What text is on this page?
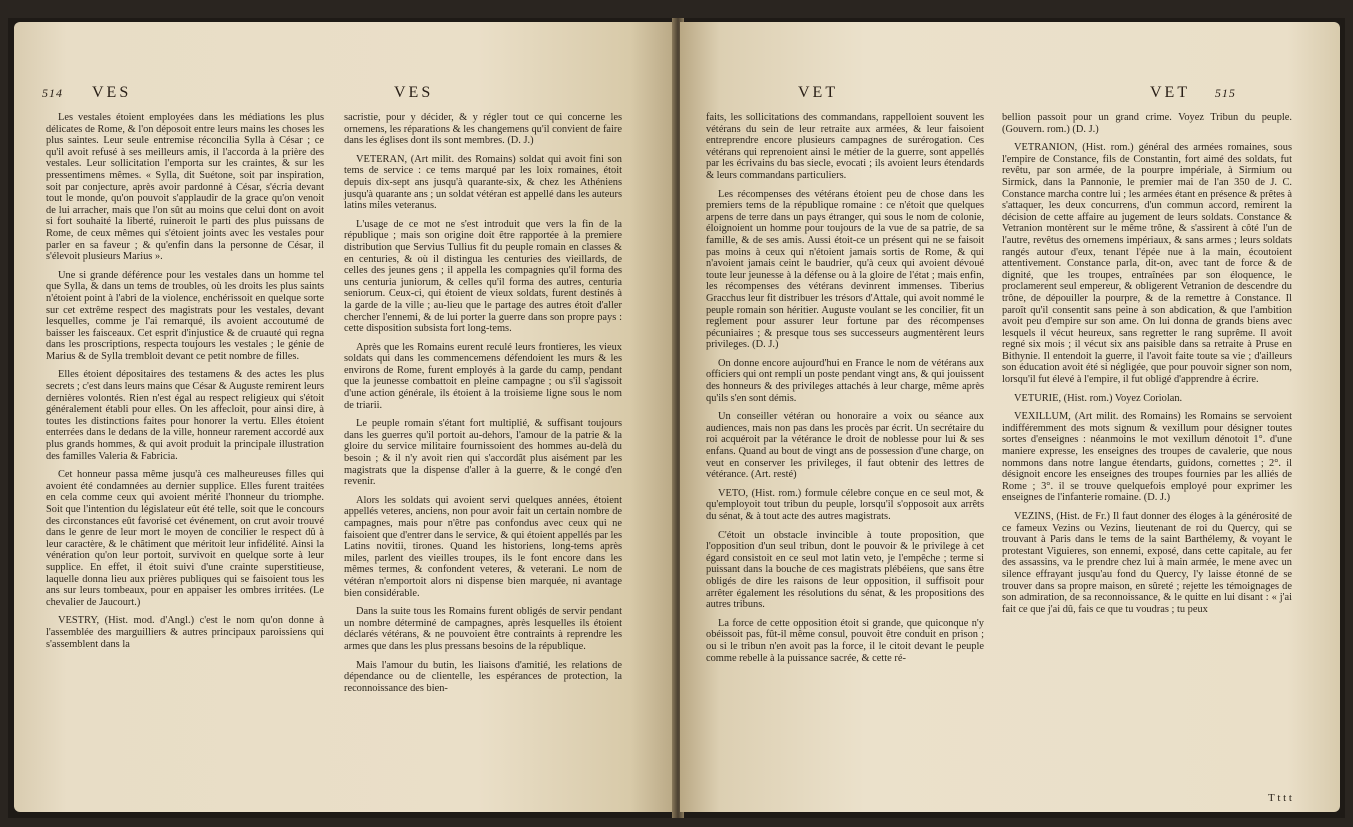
514 VES	VES

Les vestales étoient employées dans les médiations les plus délicates de Rome, & l'on déposoit entre leurs mains les choses les plus saintes. Leur seule entremise réconcilia Sylla à César ; ce qu'il avoit refusé à ses meilleurs amis, il l'accorda à la prière des vestales. Leur sollicitation l'emporta sur les craintes, & sur les pressentimens mêmes. « Sylla, dit Suétone, soit par inspiration, soit par conjecture, après avoir pardonné à César, s'écria devant tout le monde, qu'on pouvoit s'applaudir de la grace qu'on venoit de lui arracher, mais que l'on sût au moins que celui dont on avoit si fort souhaité la liberté, ruineroit le parti des plus puissans de Rome, de ceux mêmes qui s'étoient joints avec les vestales pour parler en sa faveur ; & qu'enfin dans la personne de César, il s'élevoit plusieurs Marius ».

Une si grande déférence pour les vestales dans un homme tel que Sylla, & dans un tems de troubles, où les droits les plus saints n'étoient point à l'abri de la violence, enchérissoit en quelque sorte sur cet extrême respect des magistrats pour les vestales, devant lesquelles, comme je l'ai remarqué, ils avoient accoutumé de baisser les faisceaux. Cet esprit d'injustice & de cruauté qui regna dans les proscriptions, respecta toujours les vestales ; le génie de Marius & de Sylla trembloit devant ce petit nombre de filles.

Elles étoient dépositaires des testamens & des actes les plus secrets ; c'est dans leurs mains que César & Auguste remirent leurs dernières volontés. Rien n'est égal au respect religieux qui s'étoit généralement établi pour elles. On les affecloit, pour ainsi dire, à toutes les distinctions faites pour honorer la vertu. Elles étoient enterrées dans le dedans de la ville, honneur rarement accordé aux plus grands hommes, & qui avoit produit la principale illustration des familles Valeria & Fabricia.

Cet honneur passa même jusqu'à ces malheureuses filles qui avoient été condamnées au dernier supplice. Elles furent traitées en cela comme ceux qui avoient mérité l'honneur du triomphe. Soit que l'intention du législateur eût été telle, soit que le concours des circonstances eût favorisé cet événement, on crut avoir trouvé dans le genre de leur mort le moyen de concilier le respect dû à leur caractère, & le châtiment que méritoit leur infidélité. Ainsi la vénération qu'on leur portoit, survivoit en quelque sorte à leur supplice. En effet, il étoit suivi d'une crainte superstitieuse, laquelle donna lieu aux prières publiques qui se faisoient tous les ans sur leurs tombeaux, pour en appaiser les ombres irritées. (Le chevalier de Jaucourt.)

VESTRY, (Hist. mod. d'Angl.) c'est le nom qu'on donne à l'assemblée des marguilliers & autres principaux paroissiens qui s'assemblent dans la

sacristie, pour y décider, & y régler tout ce qui concerne les ornemens, les réparations & les changemens qu'il convient de faire dans les églises dont ils sont membres. (D. J.)

VETERAN, (Art milit. des Romains) soldat qui avoit fini son tems de service : ce tems marqué par les loix romaines, étoit depuis dix-sept ans jusqu'à quarante-six, & chez les Athéniens jusqu'à quarante ans ; un soldat vétéran est appellé dans les auteurs latins miles veteranus.

L'usage de ce mot ne s'est introduit que vers la fin de la république ; mais son origine doit être rapportée à la premiere distribution que Servius Tullius fit du peuple romain en classes & en centuries, & où il distingua les centuries des vieillards, de celles des jeunes gens ; il appella les compagnies qu'il forma des uns centuria juniorum, & celles qu'il forma des autres, centuria seniorum. Ceux-ci, qui étoient de vieux soldats, furent destinés à la garde de la ville ; au-lieu que le partage des autres étoit d'aller chercher l'ennemi, & de lui porter la guerre dans son propre pays : cette disposition subsista fort long-tems.

Après que les Romains eurent reculé leurs frontieres, les vieux soldats qui dans les commencemens défendoient les murs & les environs de Rome, furent employés à la garde du camp, pendant que la jeunesse combattoit en pleine campagne ; ou s'il s'agissoit d'une action générale, ils étoient à la troisieme ligne sous le nom de triarii.

Le peuple romain s'étant fort multiplié, & suffisant toujours dans les guerres qu'il portoit au-dehors, l'amour de la patrie & la gloire du service militaire fournissoient des hommes au-delà du besoin ; & il n'y avoit rien qui s'accordât plus aisément par les magistrats que la dispense d'aller à la guerre, & le congé d'en revenir.

Alors les soldats qui avoient servi quelques années, étoient appellés veteres, anciens, non pour avoir fait un certain nombre de campagnes, mais pour n'être pas confondus avec ceux qui ne faisoient que d'entrer dans le service, & qui étoient appellés par les Latins novitii, tirones. Quand les historiens, long-tems après miles, parlent des vieilles troupes, ils le font encore dans les mêmes termes, & confondent veteres, & veterani. Le nom de vétéran n'emportoit alors ni dispense bien marquée, ni avantage bien considérable.

Dans la suite tous les Romains furent obligés de servir pendant un nombre déterminé de campagnes, après lesquelles ils étoient déclarés vétérans, & ne pouvoient être contraints à reprendre les armes que dans les plus pressans besoins de la république.

Mais l'amour du butin, les liaisons d'amitié, les relations de dépendance ou de clientelle, les espérances de protection, la reconnoissance des bien-

VET	VET 515

faits, les sollicitations des commandans, rappelloient souvent les vétérans du sein de leur retraite aux armées, & leur faisoient entreprendre encore plusieurs campagnes de surérogation. Ces vétérans qui reprenoient ainsi le métier de la guerre, sont appellés par les écrivains du bas siecle, evocati ; ils avoient leurs étendards & leurs commandans particuliers.

Les récompenses des vétérans étoient peu de chose dans les premiers tems de la république romaine : ce n'étoit que quelques arpens de terre dans un pays étranger, qui sous le nom de colonie, éloignoient un homme pour toujours de la vue de sa patrie, de sa famille, & de ses amis. Aussi étoit-ce un présent qui ne se faisoit pas moins à ceux qui n'étoient jamais sortis de Rome, & qui n'avoient jamais ceint le baudrier, qu'à ceux qui avoient dévoué toute leur jeunesse à la défense ou à la gloire de l'état ; mais enfin, les récompenses des vétérans devinrent immenses. Tiberius Gracchus leur fit distribuer les trésors d'Attale, qui avoit nommé le peuple romain son héritier. Auguste voulant se les concilier, fit un reglement pour assurer leur fortune par des récompenses pécuniaires ; & presque tous ses successeurs augmentèrent leurs privileges. (D. J.)

On donne encore aujourd'hui en France le nom de vétérans aux officiers qui ont rempli un poste pendant vingt ans, & qui jouissent des honneurs & des privileges attachés à leur charge, même après qu'ils s'en sont démis.

Un conseiller vétéran ou honoraire a voix ou séance aux audiences, mais non pas dans les procès par écrit. Un secrétaire du roi acquéroit par la vétérance le droit de noblesse pour lui & ses enfans. Quand au bout de vingt ans de possession d'une charge, on veut en conserver les privileges, il faut obtenir des lettres de vétérance. (Art. resté)

VETO, (Hist. rom.) formule célebre conçue en ce seul mot, & qu'employoit tout tribun du peuple, lorsqu'il s'opposoit aux arrêts du sénat, & à tout acte des autres magistrats.

C'étoit un obstacle invincible à toute proposition, que l'opposition d'un seul tribun, dont le pouvoir & le privilege à cet égard consistoit en ce seul mot latin veto, je l'empêche ; terme si puissant dans la bouche de ces magistrats plébéiens, que sans être obligés de dire les raisons de leur opposition, il suffisoit pour arrêter également les résolutions du sénat, & les propositions des autres tribuns.

La force de cette opposition étoit si grande, que quiconque n'y obéissoit pas, fût-il même consul, pouvoit être conduit en prison ; ou si le tribun n'en avoit pas la force, il le citoit devant le peuple comme rebelle à la puissance sacrée, & cette ré-

bellion passoit pour un grand crime. Voyez Tribun du peuple. (Gouvern. rom.) (D. J.)

VETRANION, (Hist. rom.) général des armées romaines, sous l'empire de Constance, fils de Constantin, fort aimé des soldats, fut revêtu, par son armée, de la pourpre impériale, à Sirmium ou Sirmick, dans la Pannonie, le premier mai de l'an 350 de J. C. Constance marcha contre lui ; les armées étant en présence & prêtes à s'attaquer, les deux concurrens, d'un commun accord, remirent la décision de cette affaire au jugement de leurs soldats. Constance & Vetranion montèrent sur le même trône, & s'assirent à côté l'un de l'autre, revêtus des ornemens impériaux, & sans armes ; leurs soldats rangés autour d'eux, tenant l'épée nue à la main, écoutoient attentivement. Constance parla, dit-on, avec tant de force & de dignité, que les troupes, entraînées par son éloquence, le proclamerent seul empereur, & obligerent Vetranion de descendre du trône, de dépouiller la pourpre, & de la remettre à Constance. Il paroît qu'il consentit sans peine à son abdication, & que l'ambition avoit peu d'empire sur son ame. On lui donna de grands biens avec lesquels il vécut heureux, sans regretter le rang suprême. Il avoit regné six mois ; il vécut six ans paisible dans sa retraite à Pruse en Bithynie. Il entendoit la guerre, il l'avoit faite toute sa vie ; d'ailleurs son éducation avoit été si négligée, que pour pouvoir signer son nom, lorsqu'il fut élevé à l'empire, il fut obligé d'apprendre à écrire.

VETURIE, (Hist. rom.) Voyez Coriolan.

VEXILLUM, (Art milit. des Romains) les Romains se servoient indifféremment des mots signum & vexillum pour désigner toutes sortes d'enseignes : néanmoins le mot vexillum dénotoit 1°. d'une maniere expresse, les enseignes des troupes de cavalerie, que nous nommons dans notre langue étendarts, guidons, cornettes ; 2°. il désignoit encore les enseignes des troupes fournies par les alliés de Rome ; 3°. il se trouve quelquefois employé pour exprimer les enseignes de l'infanterie romaine. (D. J.)

VEZINS, (Hist. de Fr.) Il faut donner des éloges à la générosité de ce fameux Vezins ou Vezins, lieutenant de roi du Quercy, qui se trouvant à Paris dans le tems de la saint Barthélemy, & voyant le protestant Viguieres, son ennemi, exposé, dans cette capitale, au fer des assassins, va le prendre chez lui à main armée, le mene avec un silence effrayant jusqu'au fond du Quercy, l'y laisse étonné de se trouver dans sa propre maison, en sûreté ; rejette les témoignages de son admiration, de sa reconnoissance, & le quitte en lui disant : « j'ai fait ce que j'ai dû, fais ce que tu voudras ; tu peux

T t t t
